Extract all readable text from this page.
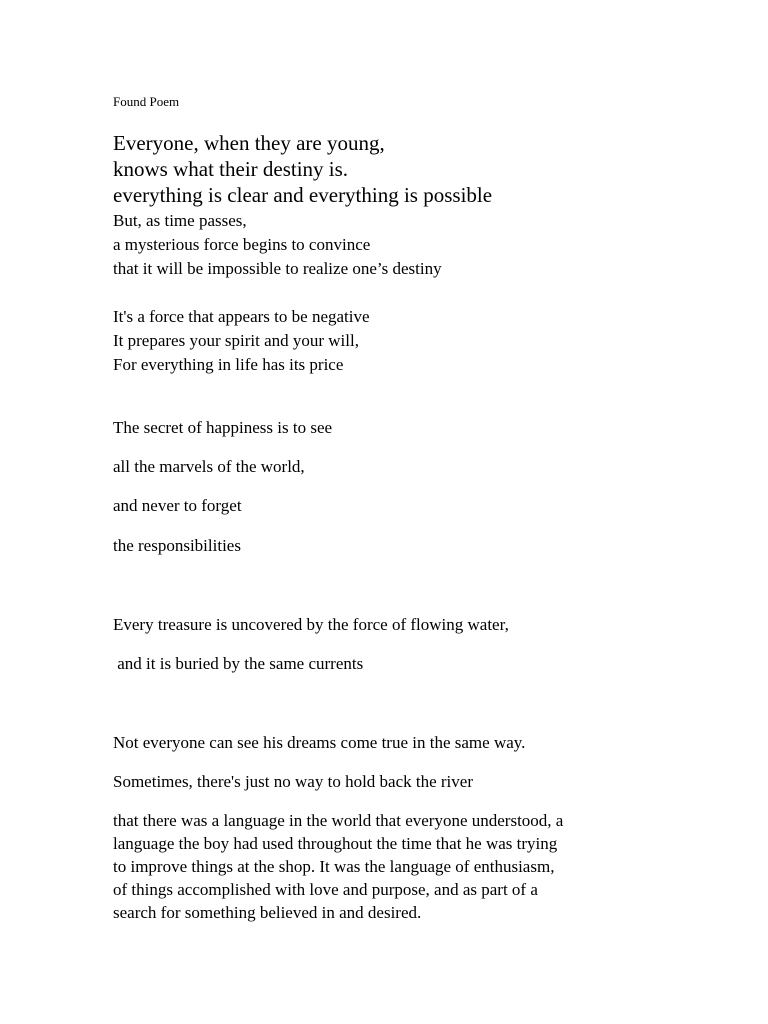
Found Poem

Everyone, when they are young,

knows what their destiny is.

everything is clear and everything is possible

But, as time passes,

a mysterious force begins to convince

that it will be impossible to realize one’s destiny

It's a force that appears to be negative

It prepares your spirit and your will,

For everything in life has its price

The secret of happiness is to see

all the marvels of the world,

and never to forget

the responsibilities

Every treasure is uncovered by the force of flowing water,

and it is buried by the same currents

Not everyone can see his dreams come true in the same way.

Sometimes, there's just no way to hold back the river

that there was a language in the world that everyone understood, a

language the boy had used throughout the time that he was trying

to improve things at the shop. It was the language of enthusiasm,

of things accomplished with love and purpose, and as part of a

search for something believed in and desired.
